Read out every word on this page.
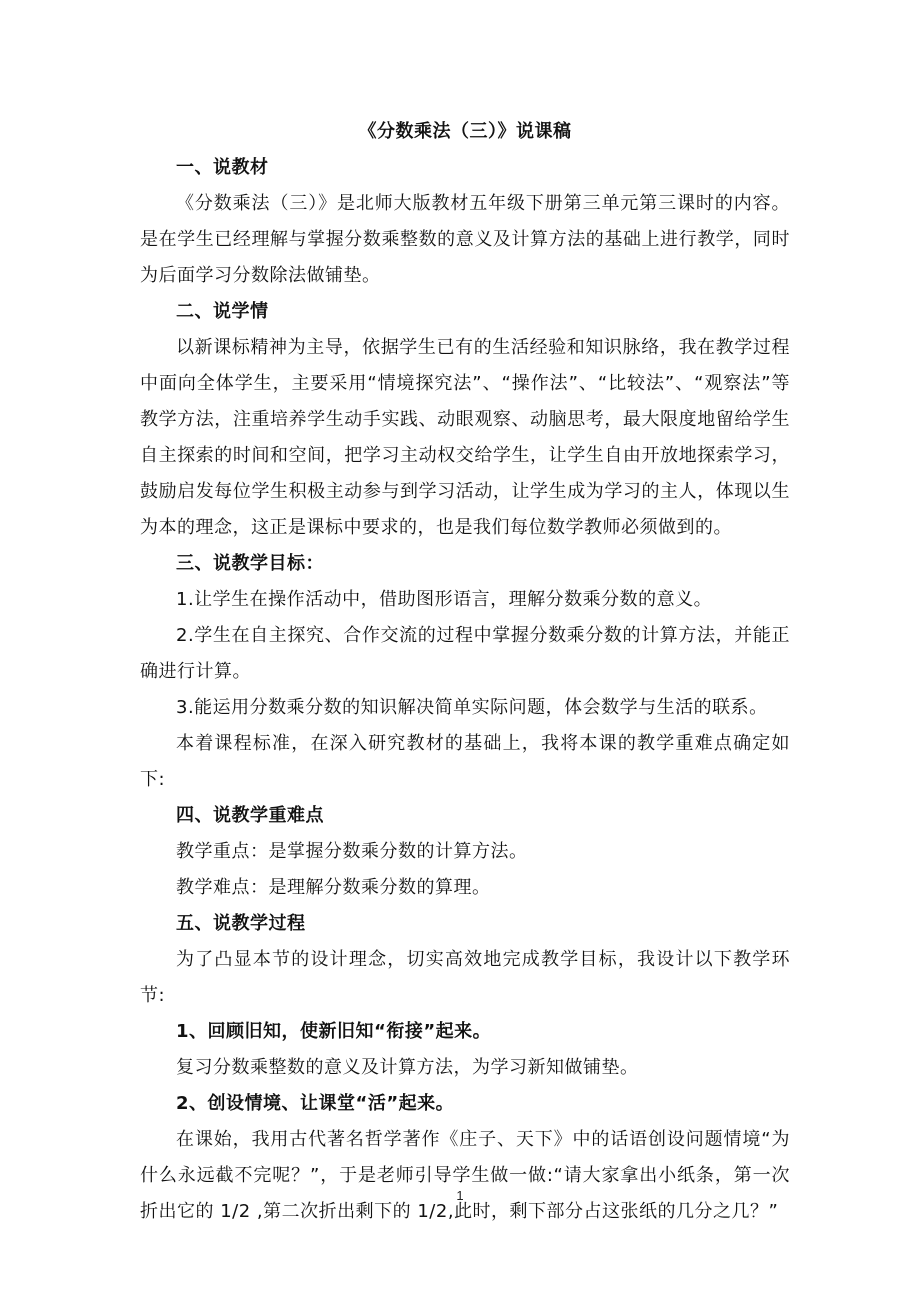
《分数乘法（三）》说课稿

一、说教材

《分数乘法（三）》是北师大版教材五年级下册第三单元第三课时的内容。是在学生已经理解与掌握分数乘整数的意义及计算方法的基础上进行教学，同时为后面学习分数除法做铺垫。

二、说学情

以新课标精神为主导，依据学生已有的生活经验和知识脉络，我在教学过程中面向全体学生，主要采用“情境探究法”、“操作法”、“比较法”、“观察法”等教学方法，注重培养学生动手实践、动眼观察、动脑思考，最大限度地留给学生自主探索的时间和空间，把学习主动权交给学生，让学生自由开放地探索学习，鼓励启发每位学生积极主动参与到学习活动，让学生成为学习的主人，体现以生为本的理念，这正是课标中要求的，也是我们每位数学教师必须做到的。

三、说教学目标：

1.让学生在操作活动中，借助图形语言，理解分数乘分数的意义。

2.学生在自主探究、合作交流的过程中掌握分数乘分数的计算方法，并能正确进行计算。

3.能运用分数乘分数的知识解决简单实际问题，体会数学与生活的联系。

本着课程标准，在深入研究教材的基础上，我将本课的教学重难点确定如下:

四、说教学重难点

教学重点：是掌握分数乘分数的计算方法。

教学难点：是理解分数乘分数的算理。

五、说教学过程

为了凸显本节的设计理念，切实高效地完成教学目标，我设计以下教学环节:

1、回顾旧知，使新旧知“衔接”起来。

复习分数乘整数的意义及计算方法，为学习新知做铺垫。

2、创设情境、让课堂“活”起来。

在课始，我用古代著名哲学著作《庄子、天下》中的话语创设问题情境“为什么永远截不完呢？”，于是老师引导学生做一做:“请大家拿出小纸条，第一次折出它的 1/2 ,第二次折出剩下的 1/2,此时，剩下部分占这张纸的几分之几？”

1
